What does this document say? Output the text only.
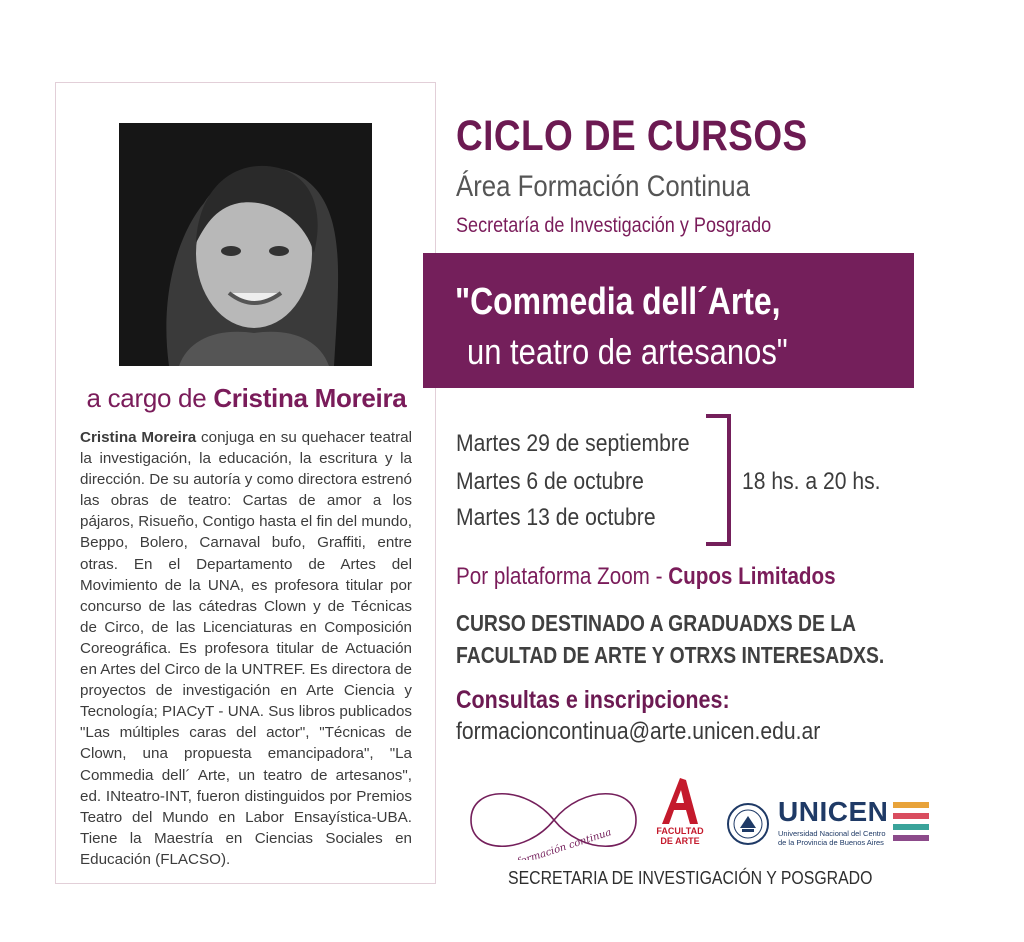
a cargo de Cristina Moreira
Cristina Moreira conjuga en su quehacer teatral la investigación, la educación, la escritura y la dirección. De su autoría y como directora estrenó las obras de teatro: Cartas de amor a los pájaros, Risueño, Contigo hasta el fin del mundo, Beppo, Bolero, Carnaval bufo, Graffiti, entre otras. En el Departamento de Artes del Movimiento de la UNA, es profesora titular por concurso de las cátedras Clown y de Técnicas de Circo, de las Licenciaturas en Composición Coreográfica. Es profesora titular de Actuación en Artes del Circo de la UNTREF. Es directora de proyectos de investigación en Arte Ciencia y Tecnología; PIACyT - UNA. Sus libros publicados "Las múltiples caras del actor", "Técnicas de Clown, una propuesta emancipadora", "La Commedia dell´ Arte, un teatro de artesanos", ed. INteatro-INT, fueron distinguidos por Premios Teatro del Mundo en Labor Ensayística-UBA. Tiene la Maestría en Ciencias Sociales en Educación (FLACSO).
CICLO DE CURSOS
Área Formación Continua
Secretaría de Investigación y Posgrado
"Commedia dell´Arte,
un teatro de artesanos"
Martes 29 de septiembre
Martes 6 de octubre
Martes 13 de octubre
18 hs. a 20 hs.
Por plataforma Zoom - Cupos Limitados
CURSO DESTINADO A GRADUADXS DE LA
FACULTAD DE ARTE Y OTRXS INTERESADXS.
Consultas e inscripciones:
formacioncontinua@arte.unicen.edu.ar
formación continua	FACULTAD
DE ARTE
UNICEN
Universidad Nacional del Centro
de la Provincia de Buenos Aires
SECRETARIA DE INVESTIGACIÓN Y POSGRADO
